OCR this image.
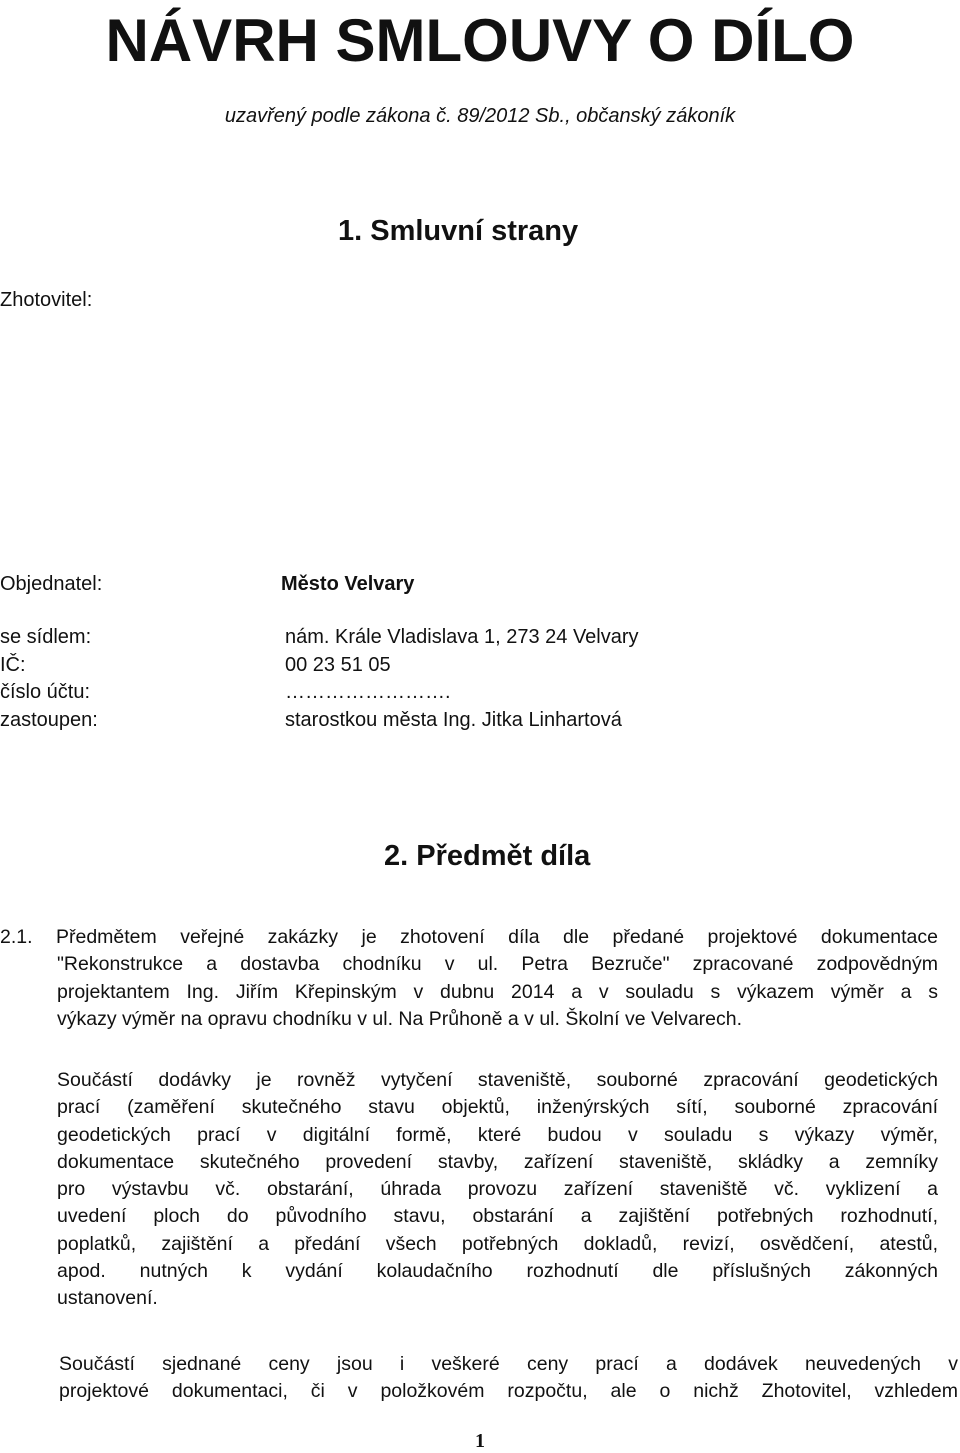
NÁVRH SMLOUVY O DÍLO
uzavřený podle zákona č. 89/2012 Sb., občanský zákoník
1. Smluvní strany
Zhotovitel:
Objednatel:	Město Velvary
se sídlem:	nám. Krále Vladislava 1, 273 24 Velvary
IČ:	00 23 51 05
číslo účtu:	…………………….
zastoupen:	starostkou města Ing. Jitka Linhartová
2. Předmět díla
2.1. Předmětem veřejné zakázky je zhotovení díla dle předané projektové dokumentace
"Rekonstrukce a dostavba chodníku v ul. Petra Bezruče" zpracované zodpovědným
projektantem Ing. Jiřím Křepinským v dubnu 2014 a v souladu s výkazem výměr a s
výkazy výměr na opravu chodníku v ul. Na Průhoně a v ul. Školní ve Velvarech.
Součástí dodávky je rovněž vytyčení staveniště, souborné zpracování geodetických
prací (zaměření skutečného stavu objektů, inženýrských sítí, souborné zpracování
geodetických prací v digitální formě, které budou v souladu s výkazy výměr,
dokumentace skutečného provedení stavby, zařízení staveniště, skládky a zemníky
pro výstavbu vč. obstarání, úhrada provozu zařízení staveniště vč. vyklizení a
uvedení ploch do původního stavu, obstarání a zajištění potřebných rozhodnutí,
poplatků, zajištění a předání všech potřebných dokladů, revizí, osvědčení, atestů,
apod. nutných k vydání kolaudačního rozhodnutí dle příslušných zákonných
ustanovení.
Součástí sjednané ceny jsou i veškeré ceny prací a dodávek neuvedených v
projektové dokumentaci, či v položkovém rozpočtu, ale o nichž Zhotovitel, vzhledem
1
